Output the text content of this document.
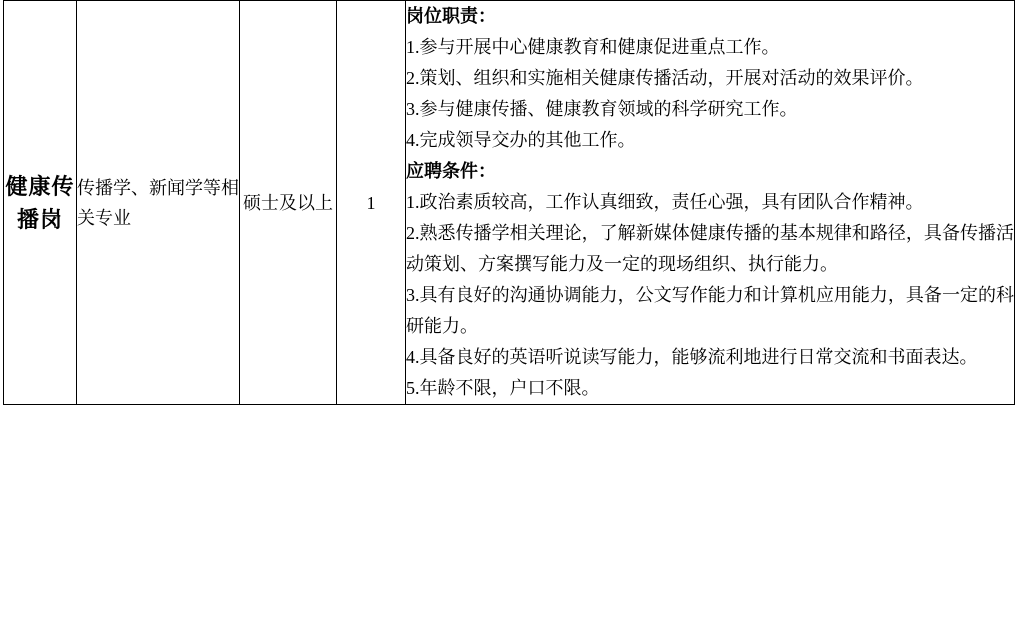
健康传播岗	传播学、新闻学等相关专业	硕士及以上	1	
岗位职责：
1.参与开展中心健康教育和健康促进重点工作。
2.策划、组织和实施相关健康传播活动，开展对活动的效果评价。
3.参与健康传播、健康教育领域的科学研究工作。
4.完成领导交办的其他工作。
应聘条件：
1.政治素质较高，工作认真细致，责任心强，具有团队合作精神。
2.熟悉传播学相关理论，了解新媒体健康传播的基本规律和路径，具备传播活动策划、方案撰写能力及一定的现场组织、执行能力。
3.具有良好的沟通协调能力，公文写作能力和计算机应用能力，具备一定的科研能力。
4.具备良好的英语听说读写能力，能够流利地进行日常交流和书面表达。
5.年龄不限，户口不限。
